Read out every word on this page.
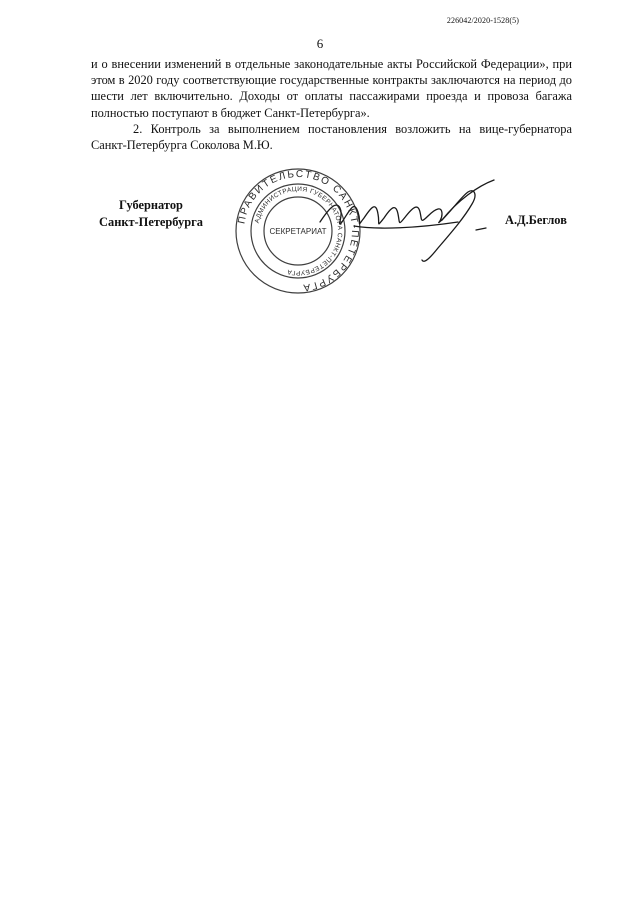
226042/2020-1528(5)
6

и о внесении изменений в отдельные законодательные акты Российской Федерации», при этом в 2020 году соответствующие государственные контракты заключаются на период до шести лет включительно. Доходы от оплаты пассажирами проезда и провоза багажа полностью поступают в бюджет Санкт-Петербурга».

2. Контроль за выполнением постановления возложить на вице-губернатора Санкт-Петербурга Соколова М.Ю.

Губернатор
Санкт-Петербурга	ПРАВИТЕЛЬСТВО САНКТ-ПЕТЕРБУРГА
АДМИНИСТРАЦИЯ ГУБЕРНАТОРА САНКТ-ПЕТЕРБУРГА
СЕКРЕТАРИАТ
А.Д.Беглов
